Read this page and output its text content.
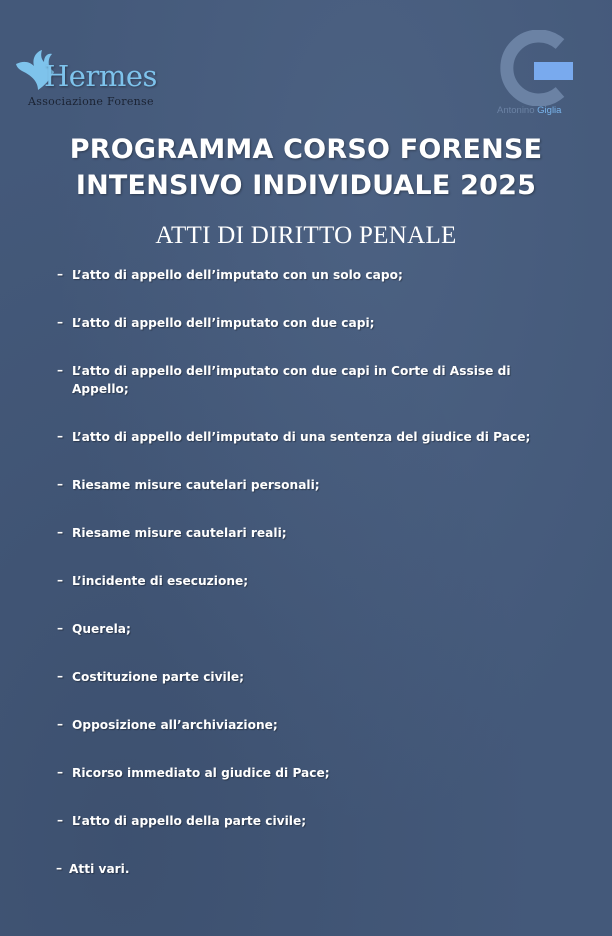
Hermes
Associazione Forense
Antonino Giglia
PROGRAMMA CORSO FORENSE
INTENSIVO INDIVIDUALE 2025
ATTI DI DIRITTO PENALE
– L’atto di appello dell’imputato con un solo capo;
– L’atto di appello dell’imputato con due capi;
– L’atto di appello dell’imputato con due capi in Corte di Assise di Appello;
– L’atto di appello dell’imputato di una sentenza del giudice di Pace;
– Riesame misure cautelari personali;
– Riesame misure cautelari reali;
– L’incidente di esecuzione;
– Querela;
– Costituzione parte civile;
– Opposizione all’archiviazione;
– Ricorso immediato al giudice di Pace;
– L’atto di appello della parte civile;
– Atti vari.
